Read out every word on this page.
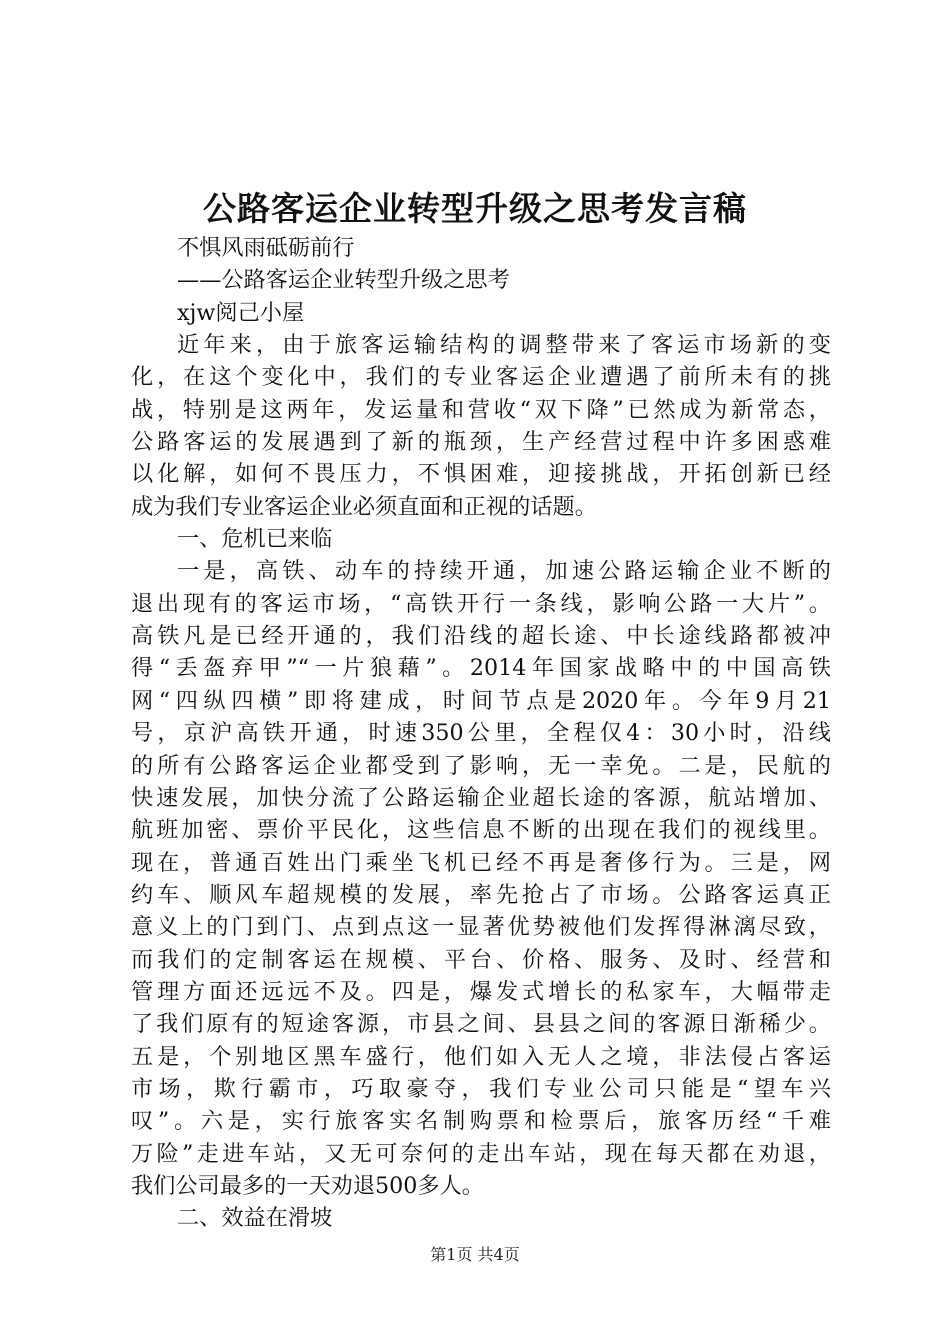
公路客运企业转型升级之思考发言稿
不惧风雨砥砺前行
——公路客运企业转型升级之思考
xjw阅己小屋
近年来，由于旅客运输结构的调整带来了客运市场新的变
化，在这个变化中，我们的专业客运企业遭遇了前所未有的挑
战，特别是这两年，发运量和营收“双下降”已然成为新常态，
公路客运的发展遇到了新的瓶颈，生产经营过程中许多困惑难
以化解，如何不畏压力，不惧困难，迎接挑战，开拓创新已经
成为我们专业客运企业必须直面和正视的话题。
一、危机已来临
一是，高铁、动车的持续开通，加速公路运输企业不断的
退出现有的客运市场，“高铁开行一条线，影响公路一大片”。
高铁凡是已经开通的，我们沿线的超长途、中长途线路都被冲
得“丢盔弃甲”“一片狼藉”。2014年国家战略中的中国高铁
网“四纵四横”即将建成，时间节点是2020年。今年9月21
号，京沪高铁开通，时速350公里，全程仅4：30小时，沿线
的所有公路客运企业都受到了影响，无一幸免。二是，民航的
快速发展，加快分流了公路运输企业超长途的客源，航站增加、
航班加密、票价平民化，这些信息不断的出现在我们的视线里。
现在，普通百姓出门乘坐飞机已经不再是奢侈行为。三是，网
约车、顺风车超规模的发展，率先抢占了市场。公路客运真正
意义上的门到门、点到点这一显著优势被他们发挥得淋漓尽致，
而我们的定制客运在规模、平台、价格、服务、及时、经营和
管理方面还远远不及。四是，爆发式增长的私家车，大幅带走
了我们原有的短途客源，市县之间、县县之间的客源日渐稀少。
五是，个别地区黑车盛行，他们如入无人之境，非法侵占客运
市场，欺行霸市，巧取豪夺，我们专业公司只能是“望车兴
叹”。六是，实行旅客实名制购票和检票后，旅客历经“千难
万险”走进车站，又无可奈何的走出车站，现在每天都在劝退，
我们公司最多的一天劝退500多人。
二、效益在滑坡
第1页 共4页
